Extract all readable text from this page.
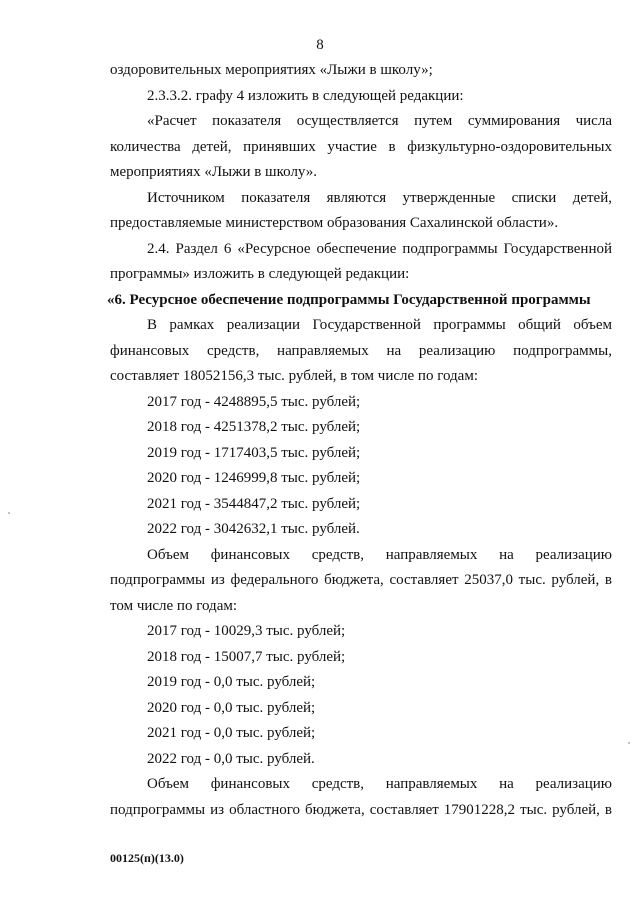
8

оздоровительных мероприятиях «Лыжи в школу»;

2.3.3.2. графу 4 изложить в следующей редакции:

«Расчет показателя осуществляется путем суммирования числа
количества детей, принявших участие в физкультурно-оздоровительных
мероприятиях «Лыжи в школу».

Источником показателя являются утвержденные списки детей,
предоставляемые министерством образования Сахалинской области».

2.4. Раздел 6 «Ресурсное обеспечение подпрограммы Государственной
программы» изложить в следующей редакции:

«6. Ресурсное обеспечение подпрограммы Государственной программы

В рамках реализации Государственной программы общий объем
финансовых средств, направляемых на реализацию подпрограммы,
составляет 18052156,3 тыс. рублей, в том числе по годам:

2017 год - 4248895,5 тыс. рублей;

2018 год - 4251378,2 тыс. рублей;

2019 год - 1717403,5 тыс. рублей;

2020 год - 1246999,8 тыс. рублей;

2021 год - 3544847,2 тыс. рублей;

2022 год - 3042632,1 тыс. рублей.

Объем финансовых средств, направляемых на реализацию
подпрограммы из федерального бюджета, составляет 25037,0 тыс. рублей, в
том числе по годам:

2017 год - 10029,3 тыс. рублей;

2018 год - 15007,7 тыс. рублей;

2019 год - 0,0 тыс. рублей;

2020 год - 0,0 тыс. рублей;

2021 год - 0,0 тыс. рублей;

2022 год - 0,0 тыс. рублей.

Объем финансовых средств, направляемых на реализацию
подпрограммы из областного бюджета, составляет 17901228,2 тыс. рублей, в

00125(п)(13.0)
